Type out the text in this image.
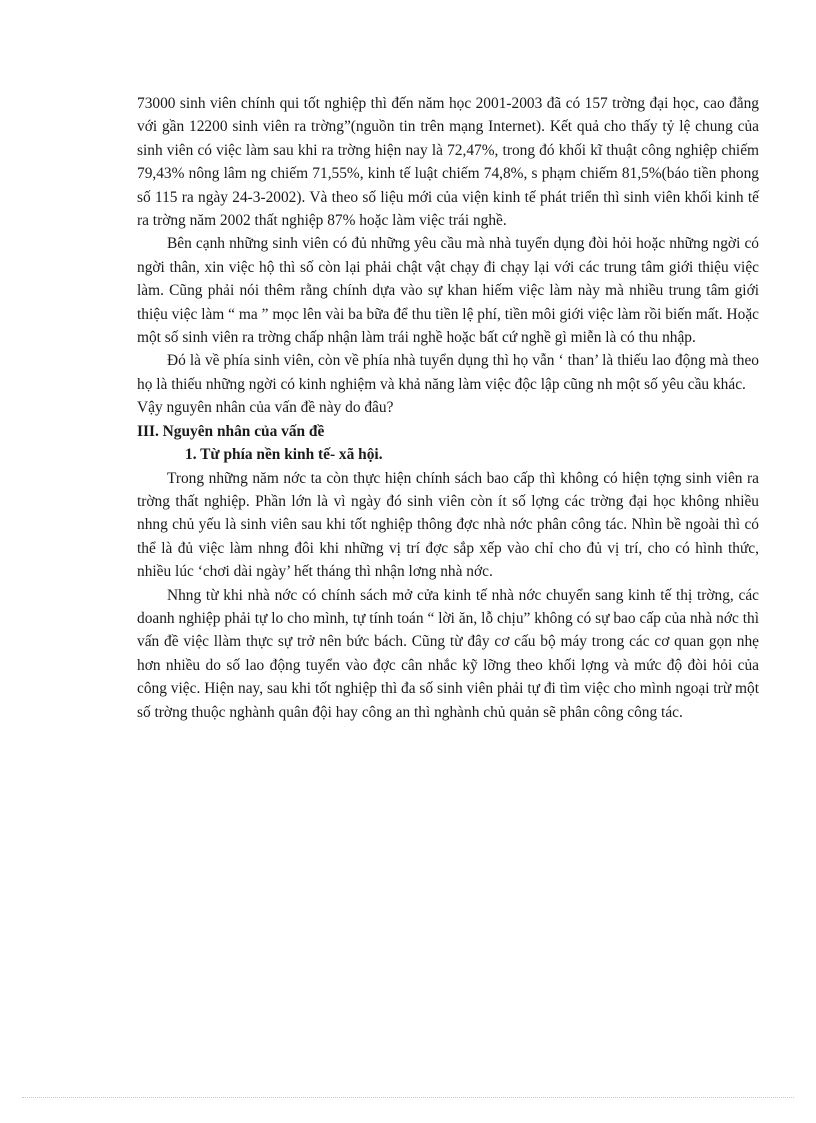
73000 sinh viên chính qui tốt nghiệp thì đến năm học 2001-2003 đã có 157 trờng đại học, cao đẳng với gần 12200 sinh viên ra trờng”(nguồn tin trên mạng Internet). Kết quả cho thấy tỷ lệ chung của sinh viên có việc làm sau khi ra trờng hiện nay là 72,47%, trong đó khối kĩ thuật công nghiệp chiếm 79,43% nông lâm ng chiếm 71,55%, kinh tế luật chiếm 74,8%, s phạm chiếm 81,5%(báo tiền phong số 115 ra ngày 24-3-2002). Và theo số liệu mới của viện kinh tế phát triển thì sinh viên khối kinh tế ra trờng năm 2002 thất nghiệp 87% hoặc làm việc trái nghề.

Bên cạnh những sinh viên có đủ những yêu cầu mà nhà tuyển dụng đòi hỏi hoặc những ngời có ngời thân, xin việc hộ thì số còn lại phải chật vật chạy đi chạy lại với các trung tâm giới thiệu việc làm. Cũng phải nói thêm rằng chính dựa vào sự khan hiếm việc làm này mà nhiều trung tâm giới thiệu việc làm “ ma ” mọc lên vài ba bữa để thu tiền lệ phí, tiền môi giới việc làm rồi biến mất. Hoặc một số sinh viên ra trờng chấp nhận làm trái nghề hoặc bất cứ nghề gì miễn là có thu nhập.

Đó là về phía sinh viên, còn về phía nhà tuyển dụng thì họ vẫn ‘ than’ là thiếu lao động mà theo họ là thiếu những ngời có kinh nghiệm và khả năng làm việc độc lập cũng nh một số yêu cầu khác.

Vậy nguyên nhân của vấn đề này do đâu?

III. Nguyên nhân của vấn đề

1. Từ phía nền kinh tế- xã hội.

Trong những năm nớc ta còn thực hiện chính sách bao cấp thì không có hiện tợng sinh viên ra trờng thất nghiệp. Phần lớn là vì ngày đó sinh viên còn ít số lợng các trờng đại học không nhiều nhng chủ yếu là sinh viên sau khi tốt nghiệp thông đợc nhà nớc phân công tác. Nhìn bề ngoài thì có thể là đủ việc làm nhng đôi khi những vị trí đợc sắp xếp vào chỉ cho đủ vị trí, cho có hình thức, nhiều lúc ‘chơi dài ngày’ hết tháng thì nhận lơng nhà nớc.

Nhng từ khi nhà nớc có chính sách mở cửa kinh tế nhà nớc chuyển sang kinh tế thị trờng, các doanh nghiệp phải tự lo cho mình, tự tính toán “ lời ăn, lỗ chịu” không có sự bao cấp của nhà nớc thì vấn đề việc llàm thực sự trở nên bức bách. Cũng từ đây cơ cấu bộ máy trong các cơ quan gọn nhẹ hơn nhiều do số lao động tuyển vào đợc cân nhắc kỹ lỡng theo khối lợng và mức độ đòi hỏi của công việc. Hiện nay, sau khi tốt nghiệp thì đa số sinh viên phải tự đi tìm việc cho mình ngoại trừ một số trờng thuộc nghành quân đội hay công an thì nghành chủ quản sẽ phân công công tác.
